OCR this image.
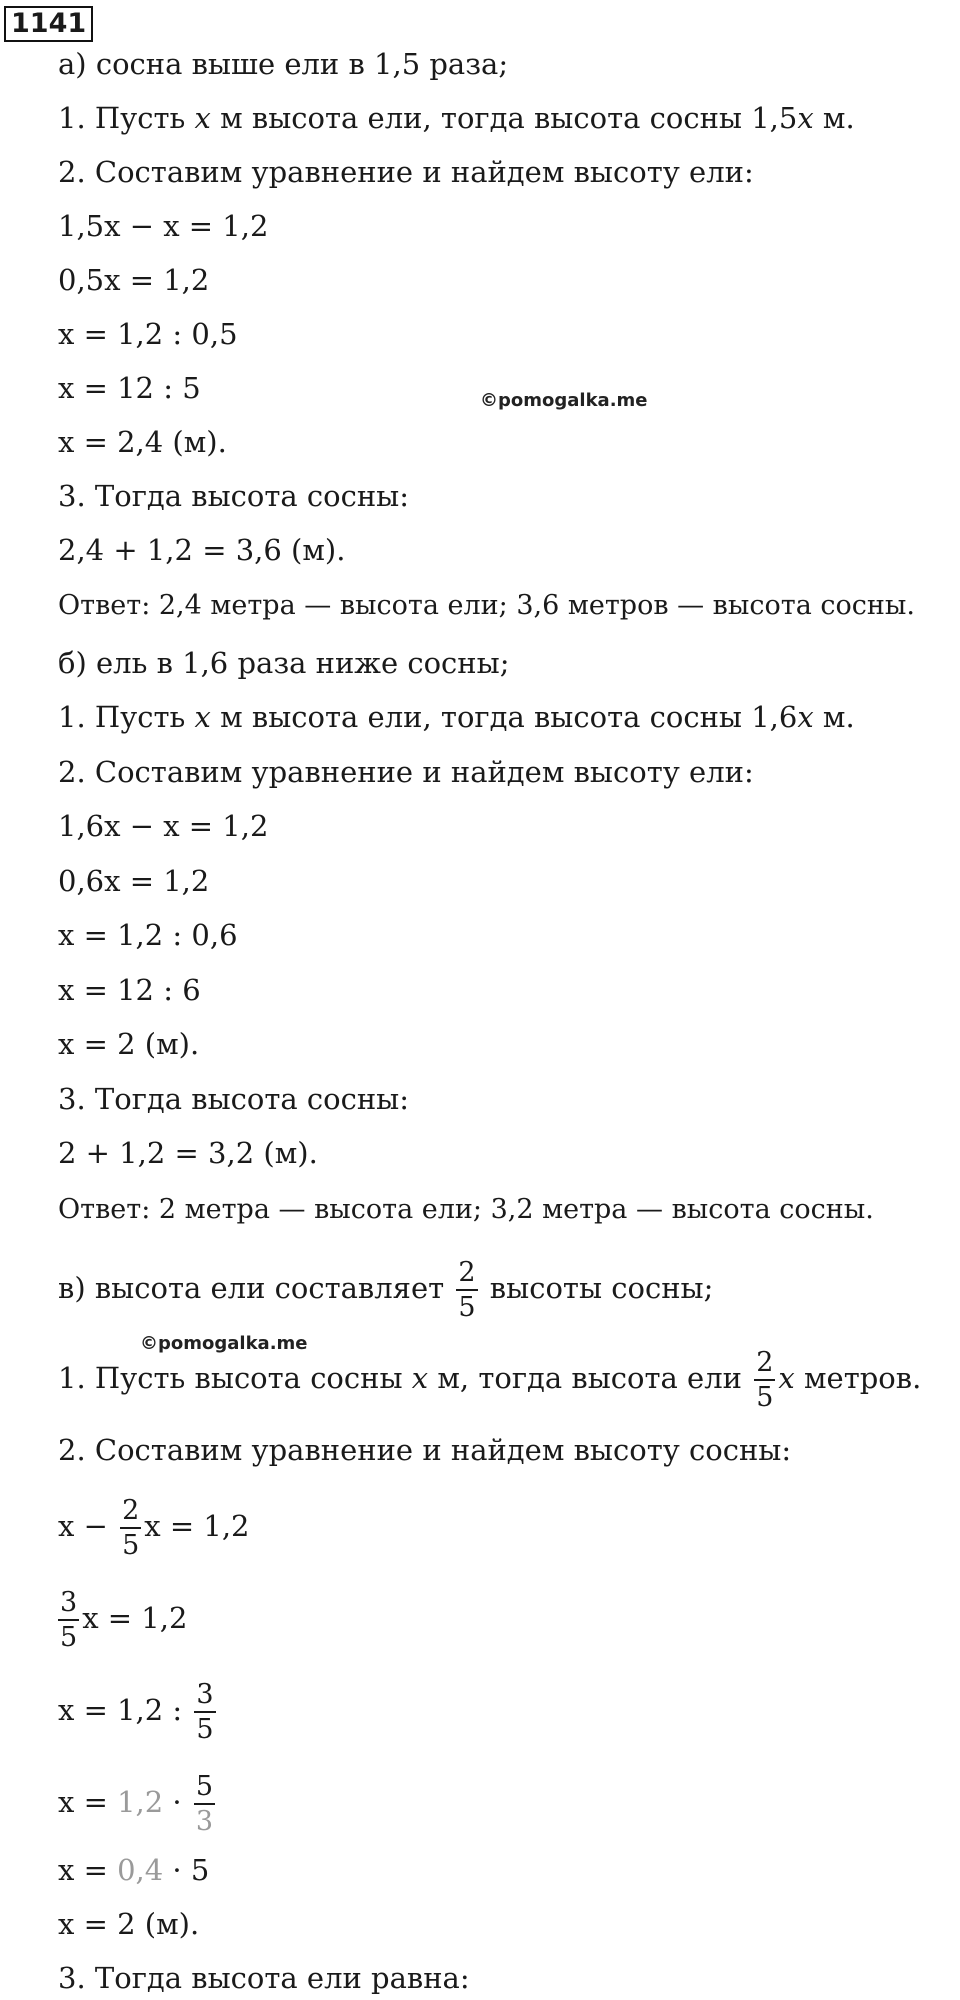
1141
а) сосна выше ели в 1,5 раза;
1. Пусть x м высота ели, тогда высота сосны 1,5x м.
2. Составим уравнение и найдем высоту ели:
1,5x − x = 1,2
0,5x = 1,2
x = 1,2 : 0,5
x = 12 : 5	©pomogalka.me
x = 2,4 (м).
3. Тогда высота сосны:
2,4 + 1,2 = 3,6 (м).
Ответ: 2,4 метра — высота ели; 3,6 метров — высота сосны.
б) ель в 1,6 раза ниже сосны;
1. Пусть x м высота ели, тогда высота сосны 1,6x м.
2. Составим уравнение и найдем высоту ели:
1,6x − x = 1,2
0,6x = 1,2
x = 1,2 : 0,6
x = 12 : 6
x = 2 (м).
3. Тогда высота сосны:
2 + 1,2 = 3,2 (м).
Ответ: 2 метра — высота ели; 3,2 метра — высота сосны.
в) высота ели составляет $\frac{2}{5}$ высоты сосны;
©pomogalka.me
1. Пусть высота сосны x м, тогда высота ели $\frac{2}{5}$ x метров.
2. Составим уравнение и найдем высоту сосны:
$x - \frac{2}{5}$ x = 1,2
$\frac{3}{5}$ x = 1,2
x = 1,2 : $\frac{3}{5}$
$x = 1,2 \cdot \frac{5}{3}$
x = 0,4 · 5
x = 2 (м).
3. Тогда высота ели равна:
